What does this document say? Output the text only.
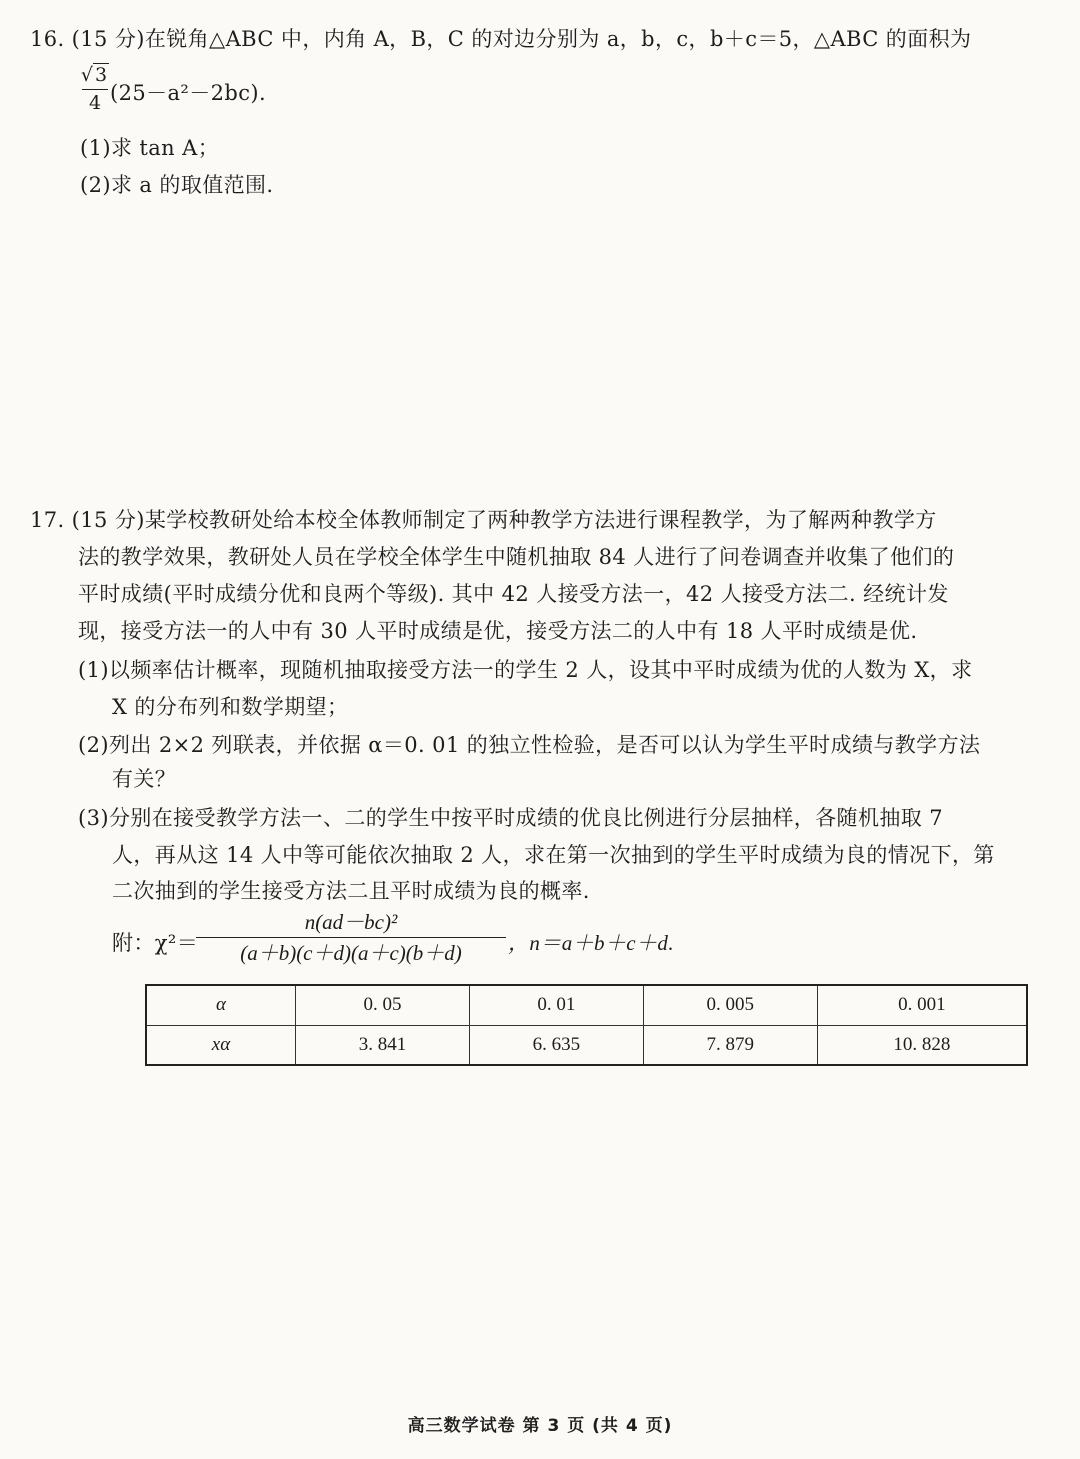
16. (15 分)在锐角△ABC 中，内角 A，B，C 的对边分别为 a，b，c，b＋c＝5，△ABC 的面积为
√ 3
4 (25－a²－2bc).
(1)求 tan A；
(2)求 a 的取值范围.
17. (15 分)某学校教研处给本校全体教师制定了两种教学方法进行课程教学，为了解两种教学方
法的教学效果，教研处人员在学校全体学生中随机抽取 84 人进行了问卷调查并收集了他们的
平时成绩(平时成绩分优和良两个等级). 其中 42 人接受方法一，42 人接受方法二. 经统计发
现，接受方法一的人中有 30 人平时成绩是优，接受方法二的人中有 18 人平时成绩是优.
(1)以频率估计概率，现随机抽取接受方法一的学生 2 人，设其中平时成绩为优的人数为 X，求
X 的分布列和数学期望；
(2)列出 2×2 列联表，并依据 α＝0. 01 的独立性检验，是否可以认为学生平时成绩与教学方法
有关？
(3)分别在接受教学方法一、二的学生中按平时成绩的优良比例进行分层抽样，各随机抽取 7
人，再从这 14 人中等可能依次抽取 2 人，求在第一次抽到的学生平时成绩为良的情况下，第
二次抽到的学生接受方法二且平时成绩为良的概率.
附：χ²＝
n(ad－bc)²
(a＋b)(c＋d)(a＋c)(b＋d)	，n＝a＋b＋c＋d.
α	0. 05	0. 01	0. 005	0. 001
xα	3. 841	6. 635	7. 879	10. 828
高三数学试卷 第 3 页 (共 4 页)
